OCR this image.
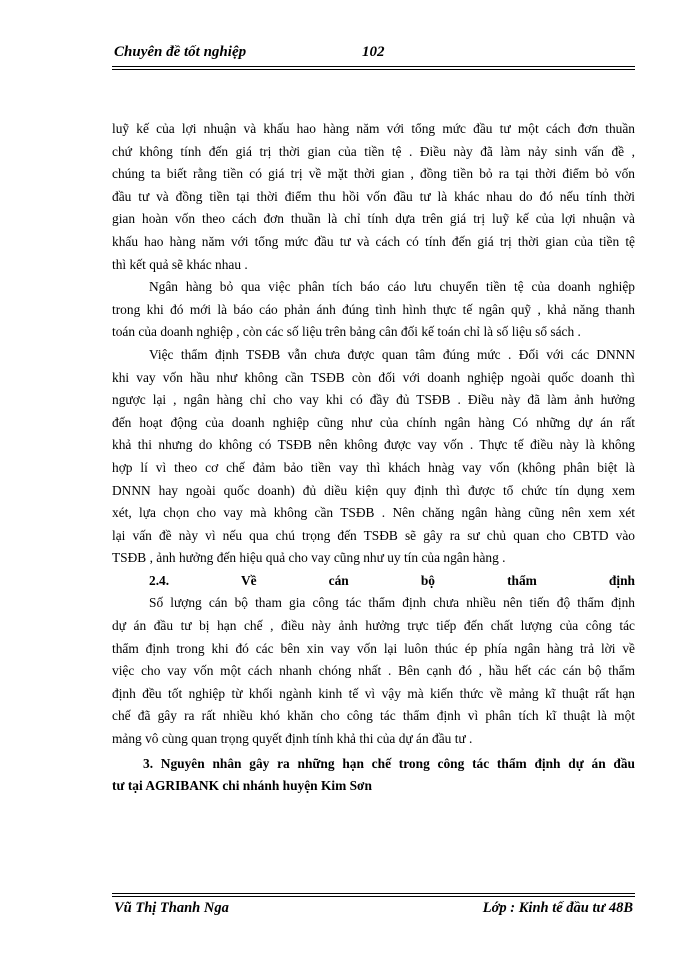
Chuyên đề tốt nghiệp	102

luỹ kế của lợi nhuận và khấu hao hàng năm với tổng mức đầu tư một cách đơn thuần

chứ không tính đến giá trị thời gian của tiền tệ . Điều này đã làm nảy sinh vấn đề ,

chúng ta biết rằng tiền có giá trị về mặt thời gian , đồng tiền bỏ ra tại thời điểm bỏ vốn

đầu tư và đồng tiền tại thời điểm thu hồi vốn đầu tư là khác nhau do đó nếu tính thời

gian hoàn vốn theo cách đơn thuần là chỉ tính dựa trên giá trị luỹ kế của lợi nhuận và

khấu hao hàng năm với tổng mức đầu tư và cách có tính đến giá trị thời gian của tiền tệ

thì kết quả sẽ khác nhau .

Ngân hàng bỏ qua việc phân tích báo cáo lưu chuyển tiền tệ của doanh nghiệp

trong khi đó mới là báo cáo phản ánh đúng tình hình thực tế ngân quỹ , khả năng thanh

toán của doanh nghiệp , còn các số liệu trên bảng cân đối kế toán chỉ là số liệu sổ sách .

Việc thẩm định TSĐB vẫn chưa được quan tâm đúng mức . Đối với các DNNN

khi vay vốn hầu như không cần TSĐB còn đối với doanh nghiệp ngoài quốc doanh thì

ngược lại , ngân hàng chỉ cho vay khi có đầy đủ TSĐB . Điều này đã làm ảnh hưởng

đến hoạt động của doanh nghiệp cũng như của chính ngân hàng Có những dự án rất

khả thi nhưng do không có TSĐB nên không được vay vốn . Thực tế điều này là không

hợp lí vì theo cơ chế đảm bảo tiền vay thì khách hnàg vay vốn (không phân biệt là

DNNN hay ngoài quốc doanh) đủ diều kiện quy định thì được tổ chức tín dụng xem

xét, lựa chọn cho vay mà không cần TSĐB . Nên chăng ngân hàng cũng nên xem xét

lại vấn đề này vì nếu qua chú trọng đến TSĐB sẽ gây ra sư chủ quan cho CBTD vào

TSĐB , ảnh hưởng đến hiệu quả cho vay cũng như uy tín của ngân hàng .

2.4. Về cán bộ thẩm định

Số lượng cán bộ tham gia công tác thẩm định chưa nhiều nên tiến độ thẩm định

dự án đầu tư bị hạn chế , điều này ảnh hưởng trực tiếp đến chất lượng của công tác

thẩm định trong khi đó các bên xin vay vốn lại luôn thúc ép phía ngân hàng trả lời về

việc cho vay vốn một cách nhanh chóng nhất . Bên cạnh đó , hầu hết các cán bộ thẩm

định đều tốt nghiệp từ khối ngành kinh tế vì vậy mà kiến thức về mảng kĩ thuật rất hạn

chế đã gây ra rất nhiều khó khăn cho công tác thẩm định vì phân tích kĩ thuật là một

mảng vô cùng quan trọng quyết định tính khả thi của dự án đầu tư .

3. Nguyên nhân gây ra những hạn chế trong công tác thẩm định dự án đầu
tư tại AGRIBANK chi nhánh huyện Kim Sơn
Vũ Thị Thanh Nga	Lớp : Kinh tế đầu tư 48B
